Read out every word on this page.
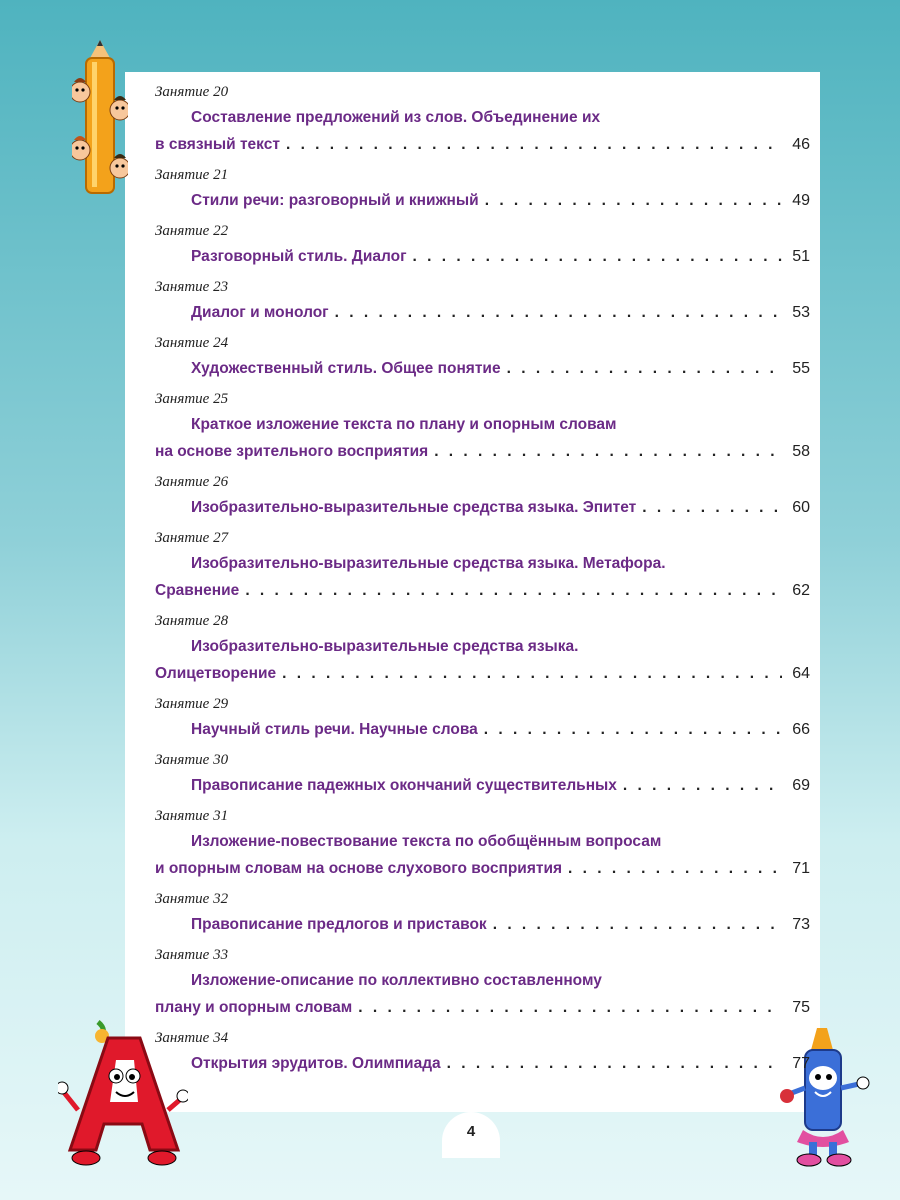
Занятие 20
Составление предложений из слов. Объединение их
в связный текст . . .	46
Занятие 21
Стили речи: разговорный и книжный . . .	49
Занятие 22
Разговорный стиль. Диалог . . .	51
Занятие 23
Диалог и монолог . . .	53
Занятие 24
Художественный стиль. Общее понятие . . .	55
Занятие 25
Краткое изложение текста по плану и опорным словам
на основе зрительного восприятия . . .	58
Занятие 26
Изобразительно-выразительные средства языка. Эпитет . . .	60
Занятие 27
Изобразительно-выразительные средства языка. Метафора.
Сравнение . . .	62
Занятие 28
Изобразительно-выразительные средства языка.
Олицетворение . . .	64
Занятие 29
Научный стиль речи. Научные слова . . .	66
Занятие 30
Правописание падежных окончаний существительных . . .	69
Занятие 31
Изложение-повествование текста по обобщённым вопросам
и опорным словам на основе слухового восприятия . . .	71
Занятие 32
Правописание предлогов и приставок . . .	73
Занятие 33
Изложение-описание по коллективно составленному
плану и опорным словам . . .	75
Занятие 34
Открытия эрудитов. Олимпиада . . .	77
4
